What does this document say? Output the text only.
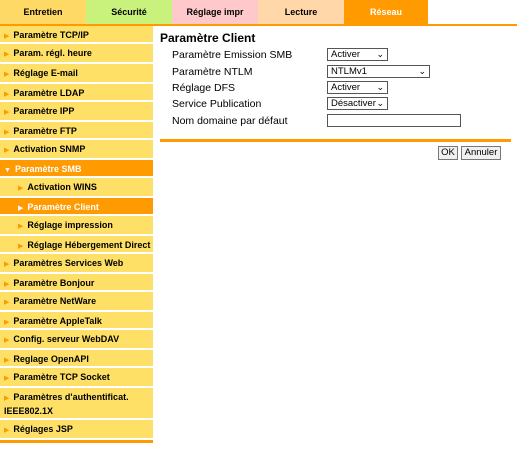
Entretien	Sécurité	Réglage impr	Lecture	Réseau
▶ Paramètre TCP/IP
▶ Param. régl. heure
▶ Réglage E-mail
▶ Paramètre LDAP
▶ Paramètre IPP
▶ Paramètre FTP
▶ Activation SNMP
▼ Paramètre SMB
▶ Activation WINS
▶ Paramètre Client
▶ Réglage impression
▶ Réglage Hébergement Direct
▶ Paramètres Services Web
▶ Paramètre Bonjour
▶ Paramètre NetWare
▶ Paramètre AppleTalk
▶ Config. serveur WebDAV
▶ Reglage OpenAPI
▶ Paramètre TCP Socket
▶ Paramètres d'authentificat. IEEE802.1X
▶ Réglages JSP
Paramètre Client
Paramètre Emission SMB	Activer ⌄
Paramètre NTLM	NTLMv1	⌄
Réglage DFS	Activer ⌄
Service Publication	Désactiver ⌄
Nom domaine par défaut
OK	Annuler
